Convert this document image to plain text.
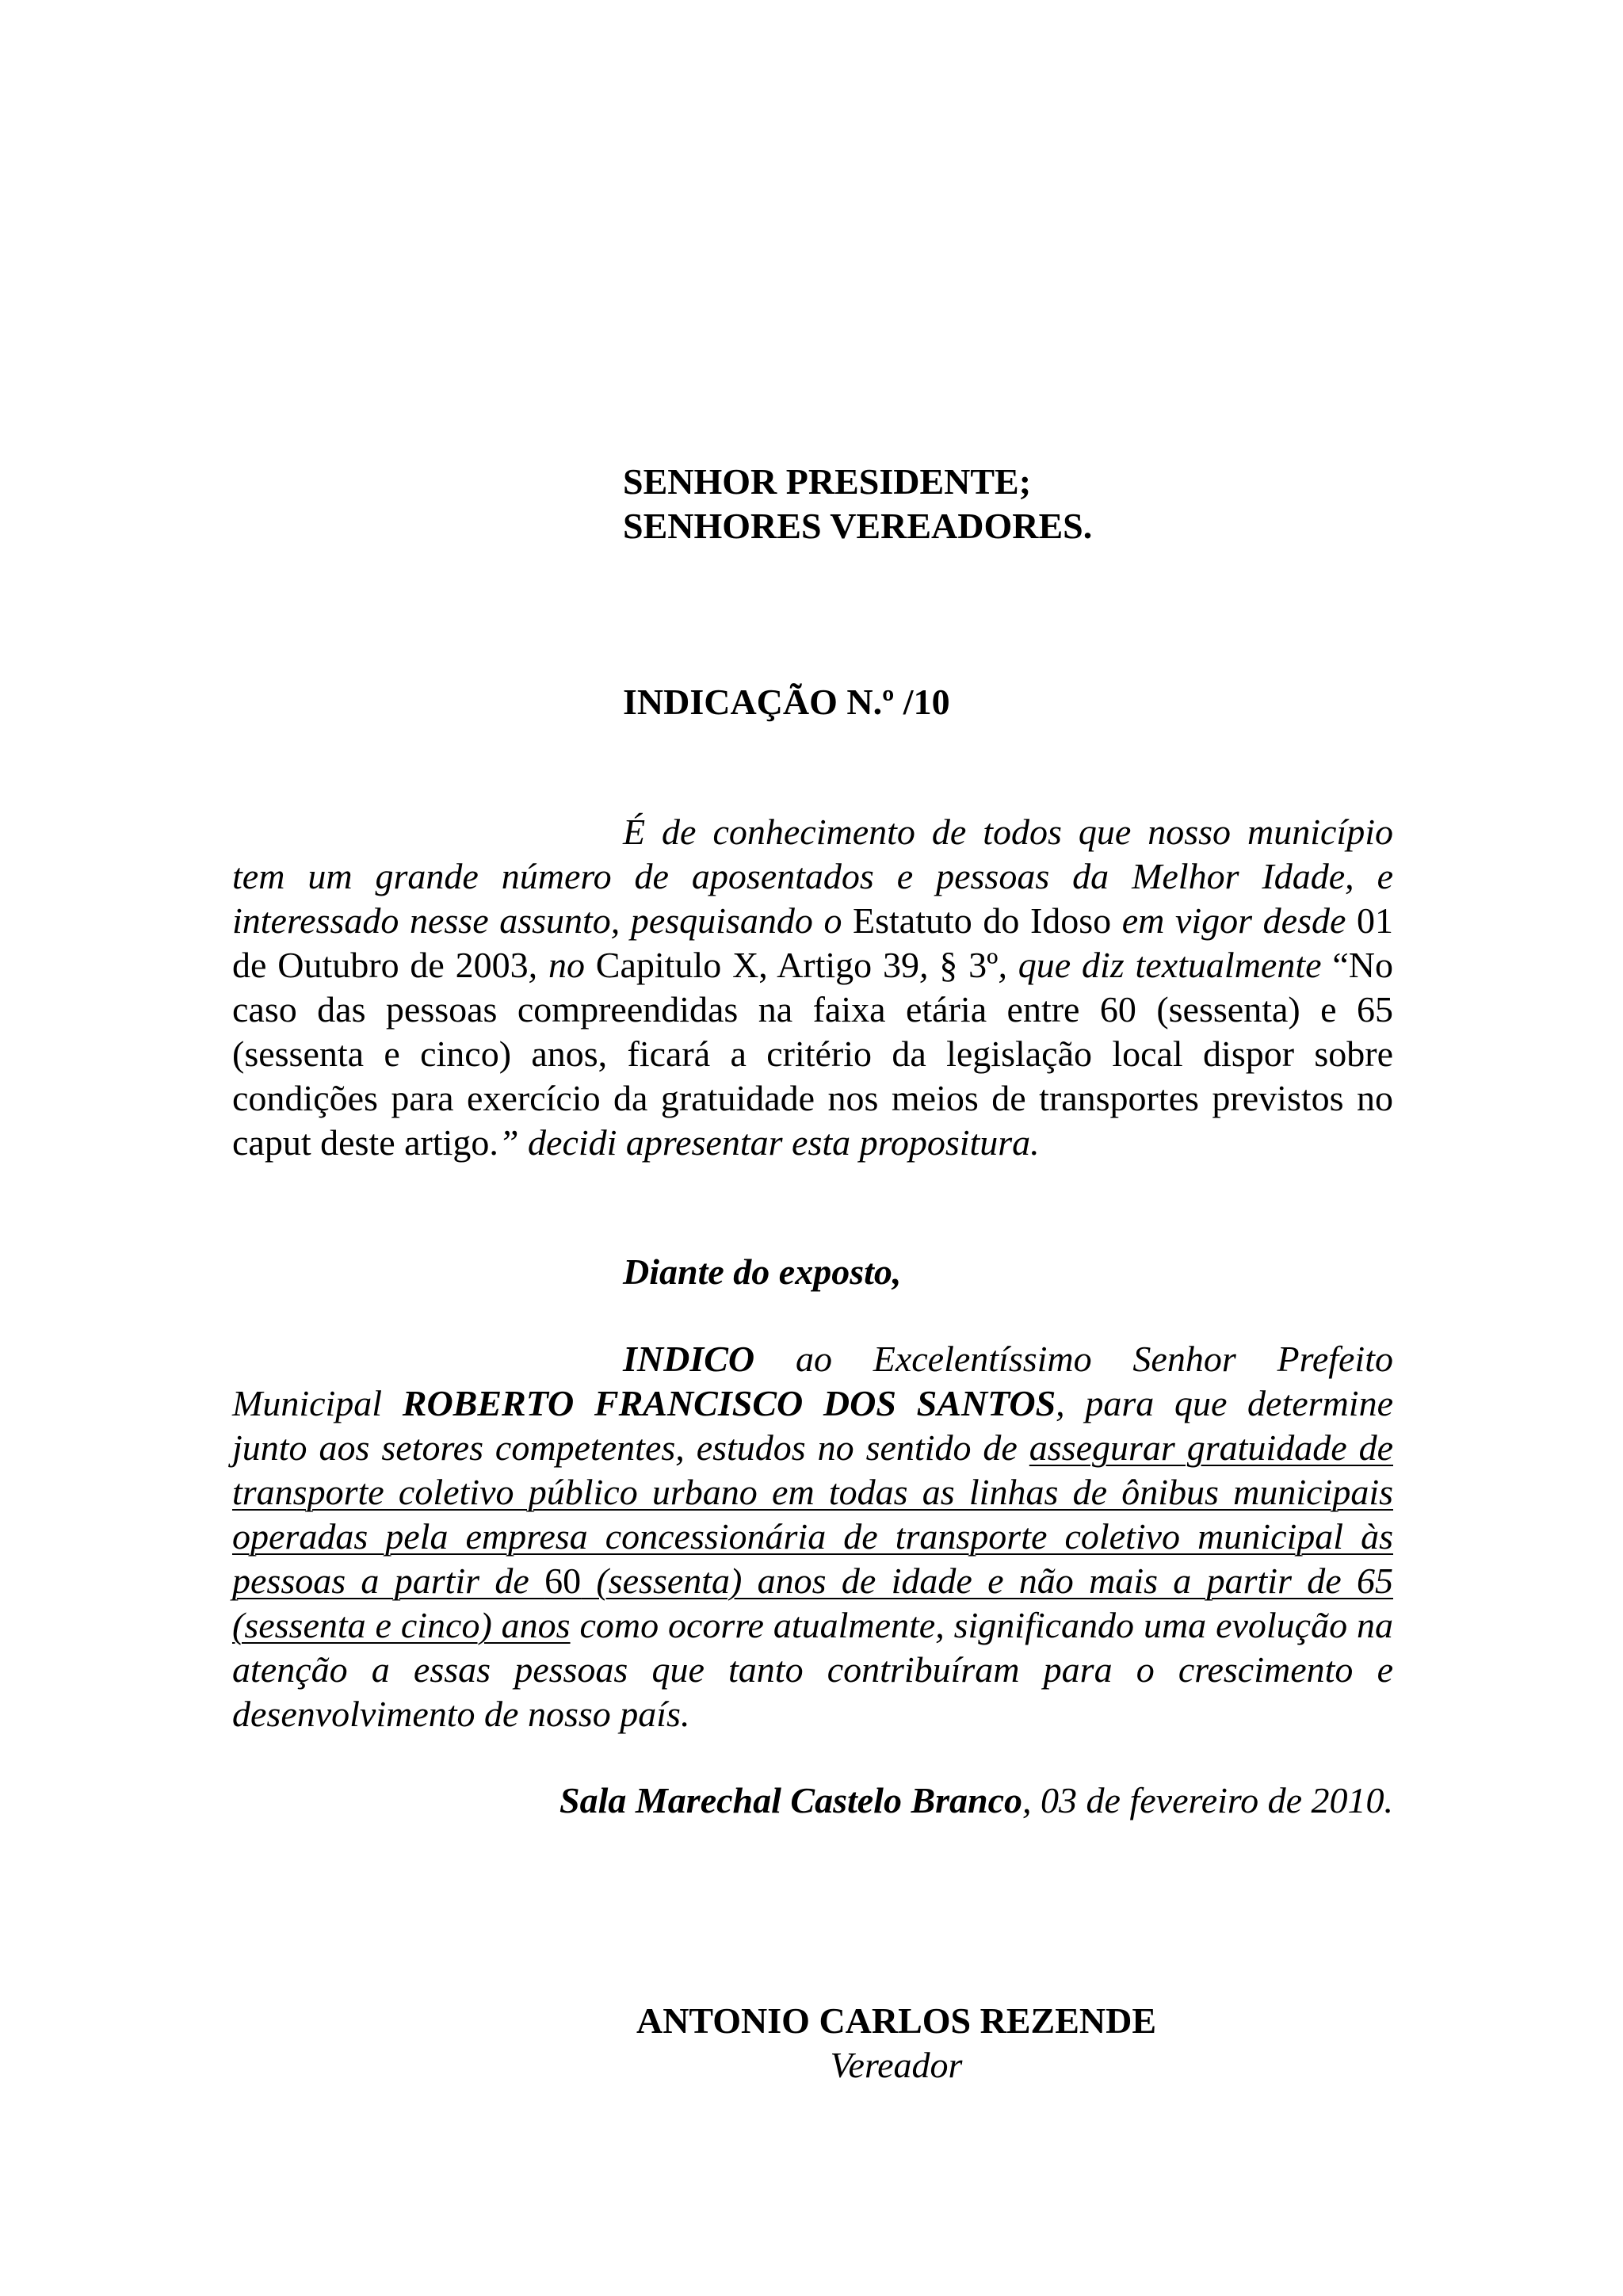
SENHOR PRESIDENTE;
SENHORES VEREADORES.
INDICAÇÃO N.º /10
É de conhecimento de todos que nosso município tem um grande número de aposentados e pessoas da Melhor Idade, e interessado nesse assunto, pesquisando o Estatuto do Idoso em vigor desde 01 de Outubro de 2003, no Capitulo X, Artigo 39, § 3º, que diz textualmente “No caso das pessoas compreendidas na faixa etária entre 60 (sessenta) e 65 (sessenta e cinco) anos, ficará a critério da legislação local dispor sobre condições para exercício da gratuidade nos meios de transportes previstos no caput deste artigo.” decidi apresentar esta propositura.
Diante do exposto,
INDICO ao Excelentíssimo Senhor Prefeito Municipal ROBERTO FRANCISCO DOS SANTOS, para que determine junto aos setores competentes, estudos no sentido de assegurar gratuidade de transporte coletivo público urbano em todas as linhas de ônibus municipais operadas pela empresa concessionária de transporte coletivo municipal às pessoas a partir de 60 (sessenta) anos de idade e não mais a partir de 65 (sessenta e cinco) anos como ocorre atualmente, significando uma evolução na atenção a essas pessoas que tanto contribuíram para o crescimento e desenvolvimento de nosso país.
Sala Marechal Castelo Branco, 03 de fevereiro de 2010.
ANTONIO CARLOS REZENDE
Vereador
